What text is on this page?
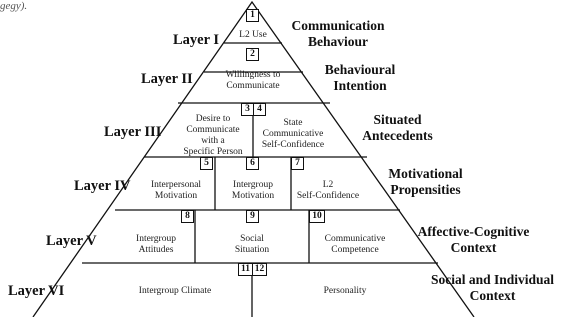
gegy).
Layer I
Layer II
Layer III
Layer IV
Layer V
Layer VI
Communication
Behaviour
Behavioural
Intention
Situated
Antecedents
Motivational
Propensities
Affective-Cognitive
Context
Social and Individual
Context
1
L2 Use
2
Willingness to
Communicate
3
Desire to
Communicate
with a
Specific Person
4
State
Communicative
Self-Confidence
5
Interpersonal
Motivation
6
Intergroup
Motivation
7
L2
Self-Confidence
8
Intergroup
Attitudes
9
Social
Situation
10
Communicative
Competence
11
Intergroup Climate
12
Personality
